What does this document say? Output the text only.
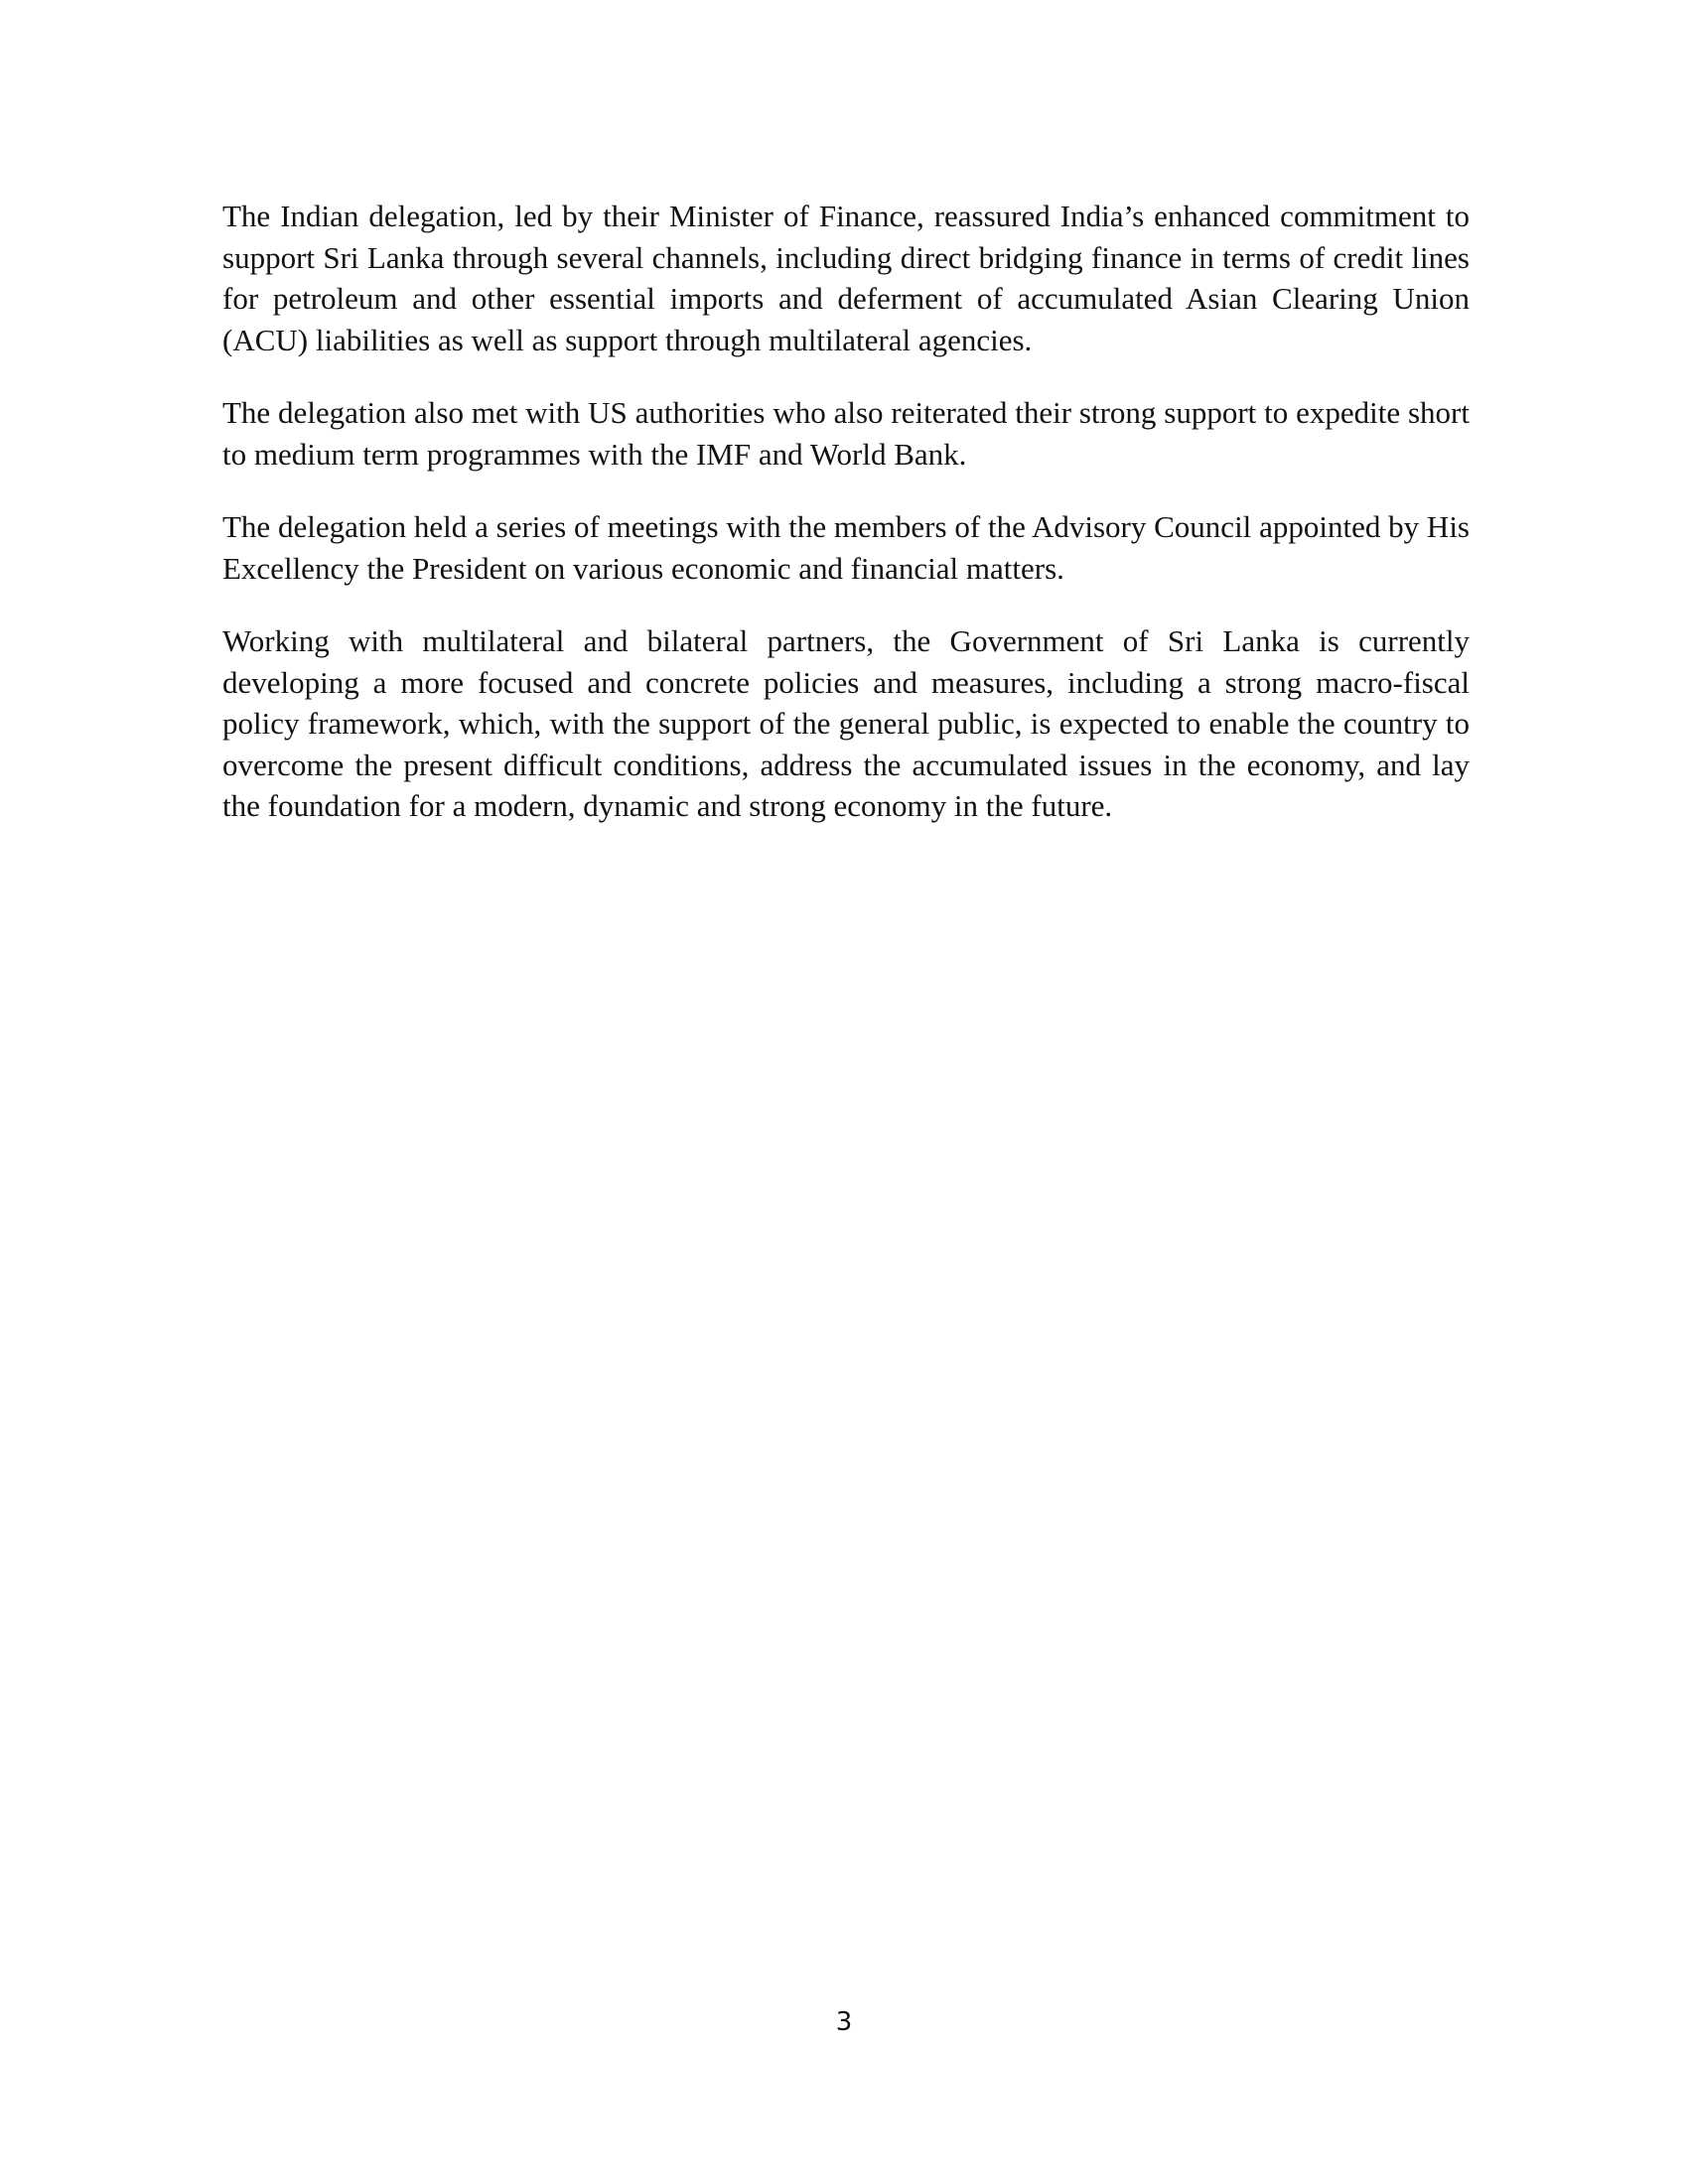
The Indian delegation, led by their Minister of Finance, reassured India’s enhanced commitment to support Sri Lanka through several channels, including direct bridging finance in terms of credit lines for petroleum and other essential imports and deferment of accumulated Asian Clearing Union (ACU) liabilities as well as support through multilateral agencies.

The delegation also met with US authorities who also reiterated their strong support to expedite short to medium term programmes with the IMF and World Bank.

The delegation held a series of meetings with the members of the Advisory Council appointed by His Excellency the President on various economic and financial matters.

Working with multilateral and bilateral partners, the Government of Sri Lanka is currently developing a more focused and concrete policies and measures, including a strong macro-fiscal policy framework, which, with the support of the general public, is expected to enable the country to overcome the present difficult conditions, address the accumulated issues in the economy, and lay the foundation for a modern, dynamic and strong economy in the future.

3
